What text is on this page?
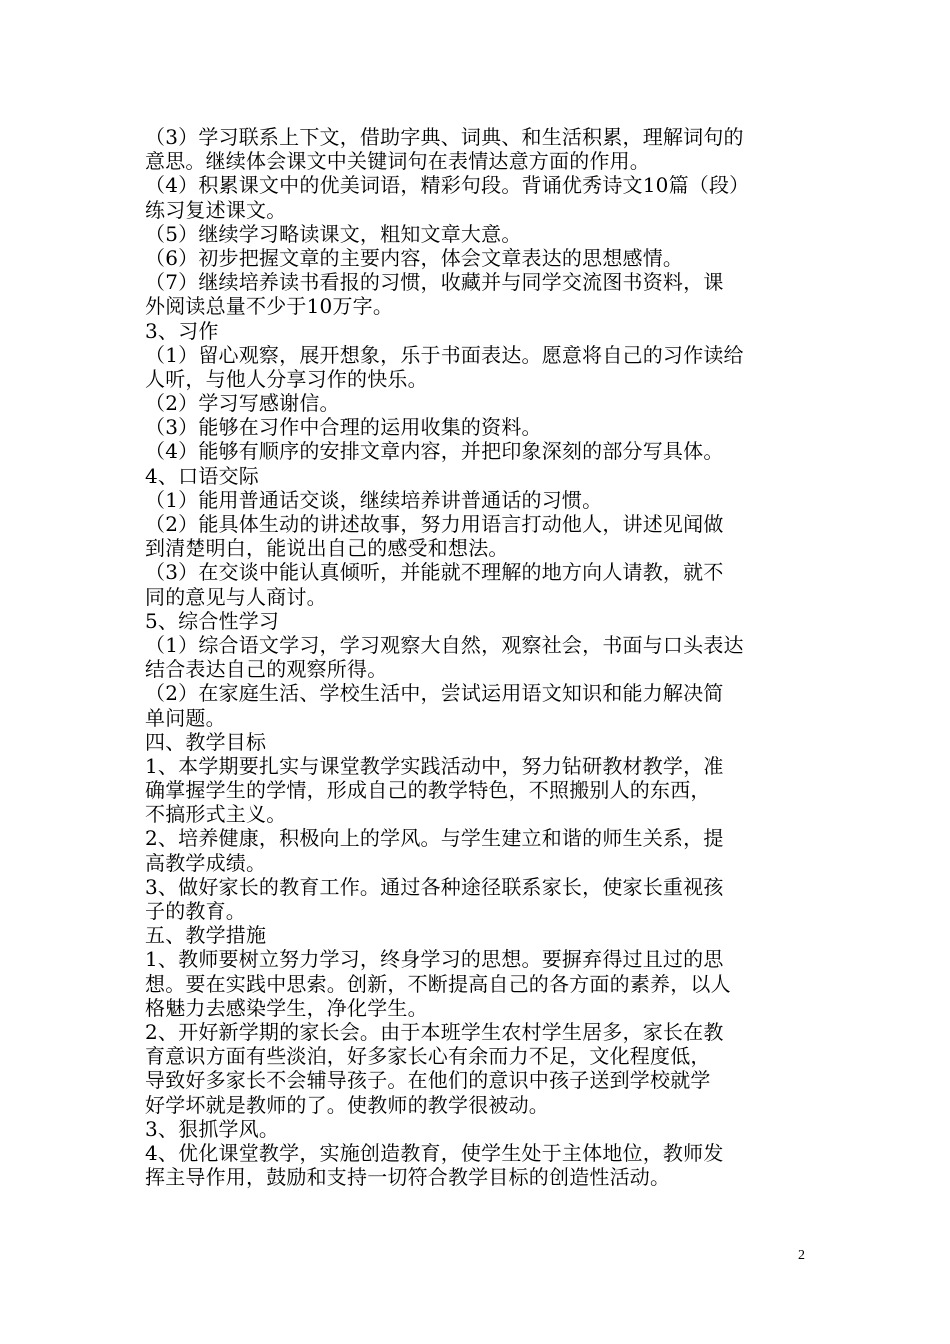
（3）学习联系上下文，借助字典、词典、和生活积累，理解词句的
意思。继续体会课文中关键词句在表情达意方面的作用。
（4）积累课文中的优美词语，精彩句段。背诵优秀诗文10篇（段）
练习复述课文。
（5）继续学习略读课文，粗知文章大意。
（6）初步把握文章的主要内容，体会文章表达的思想感情。
（7）继续培养读书看报的习惯，收藏并与同学交流图书资料，课
外阅读总量不少于10万字。
3、习作
（1）留心观察，展开想象，乐于书面表达。愿意将自己的习作读给
人听，与他人分享习作的快乐。
（2）学习写感谢信。
（3）能够在习作中合理的运用收集的资料。
（4）能够有顺序的安排文章内容，并把印象深刻的部分写具体。
4、口语交际
（1）能用普通话交谈，继续培养讲普通话的习惯。
（2）能具体生动的讲述故事，努力用语言打动他人，讲述见闻做
到清楚明白，能说出自己的感受和想法。
（3）在交谈中能认真倾听，并能就不理解的地方向人请教，就不
同的意见与人商讨。
5、综合性学习
（1）综合语文学习，学习观察大自然，观察社会，书面与口头表达
结合表达自己的观察所得。
（2）在家庭生活、学校生活中，尝试运用语文知识和能力解决简
单问题。
四、教学目标
1、本学期要扎实与课堂教学实践活动中，努力钻研教材教学，准
确掌握学生的学情，形成自己的教学特色，不照搬别人的东西，
不搞形式主义。
2、培养健康，积极向上的学风。与学生建立和谐的师生关系，提
高教学成绩。
3、做好家长的教育工作。通过各种途径联系家长，使家长重视孩
子的教育。
五、教学措施
1、教师要树立努力学习，终身学习的思想。要摒弃得过且过的思
想。要在实践中思索。创新，不断提高自己的各方面的素养，以人
格魅力去感染学生，净化学生。
2、开好新学期的家长会。由于本班学生农村学生居多，家长在教
育意识方面有些淡泊，好多家长心有余而力不足，文化程度低，
导致好多家长不会辅导孩子。在他们的意识中孩子送到学校就学
好学坏就是教师的了。使教师的教学很被动。
3、狠抓学风。
4、优化课堂教学，实施创造教育，使学生处于主体地位，教师发
挥主导作用，鼓励和支持一切符合教学目标的创造性活动。
2
